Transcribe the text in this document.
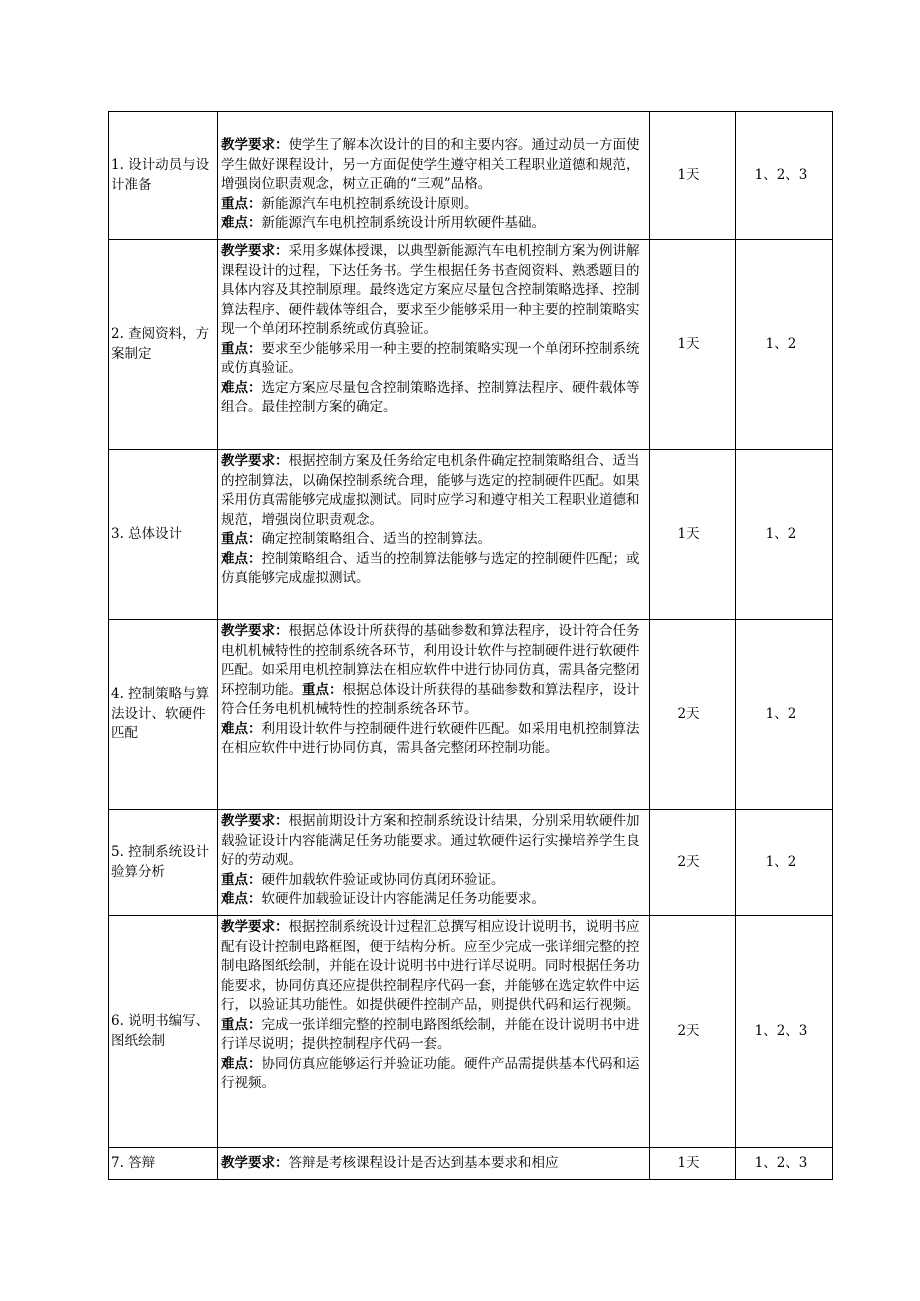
1. 设计动员与设计准备	教学要求：使学生了解本次设计的目的和主要内容。通过动员一方面使学生做好课程设计，另一方面促使学生遵守相关工程职业道德和规范，增强岗位职责观念，树立正确的“三观”品格。
重点：新能源汽车电机控制系统设计原则。
难点：新能源汽车电机控制系统设计所用软硬件基础。	1天	1、2、3

2. 查阅资料，方案制定	教学要求：采用多媒体授课，以典型新能源汽车电机控制方案为例讲解课程设计的过程，下达任务书。学生根据任务书查阅资料、熟悉题目的具体内容及其控制原理。最终选定方案应尽量包含控制策略选择、控制算法程序、硬件载体等组合，要求至少能够采用一种主要的控制策略实现一个单闭环控制系统或仿真验证。
重点：要求至少能够采用一种主要的控制策略实现一个单闭环控制系统或仿真验证。
难点：选定方案应尽量包含控制策略选择、控制算法程序、硬件载体等组合。最佳控制方案的确定。	1天	1、2

3. 总体设计	教学要求：根据控制方案及任务给定电机条件确定控制策略组合、适当的控制算法，以确保控制系统合理，能够与选定的控制硬件匹配。如果采用仿真需能够完成虚拟测试。同时应学习和遵守相关工程职业道德和规范，增强岗位职责观念。
重点：确定控制策略组合、适当的控制算法。
难点：控制策略组合、适当的控制算法能够与选定的控制硬件匹配；或仿真能够完成虚拟测试。	1天	1、2

4. 控制策略与算法设计、软硬件匹配	教学要求：根据总体设计所获得的基础参数和算法程序，设计符合任务电机机械特性的控制系统各环节，利用设计软件与控制硬件进行软硬件匹配。如采用电机控制算法在相应软件中进行协同仿真，需具备完整闭环控制功能。重点：根据总体设计所获得的基础参数和算法程序，设计符合任务电机机械特性的控制系统各环节。
难点：利用设计软件与控制硬件进行软硬件匹配。如采用电机控制算法在相应软件中进行协同仿真，需具备完整闭环控制功能。	2天	1、2

5. 控制系统设计验算分析	教学要求：根据前期设计方案和控制系统设计结果，分别采用软硬件加载验证设计内容能满足任务功能要求。通过软硬件运行实操培养学生良好的劳动观。
重点：硬件加载软件验证或协同仿真闭环验证。
难点：软硬件加载验证设计内容能满足任务功能要求。	2天	1、2

6. 说明书编写、图纸绘制	教学要求：根据控制系统设计过程汇总撰写相应设计说明书，说明书应配有设计控制电路框图，便于结构分析。应至少完成一张详细完整的控制电路图纸绘制，并能在设计说明书中进行详尽说明。同时根据任务功能要求，协同仿真还应提供控制程序代码一套，并能够在选定软件中运行，以验证其功能性。如提供硬件控制产品，则提供代码和运行视频。
重点：完成一张详细完整的控制电路图纸绘制，并能在设计说明书中进行详尽说明；提供控制程序代码一套。
难点：协同仿真应能够运行并验证功能。硬件产品需提供基本代码和运行视频。	2天	1、2、3

7. 答辩	教学要求：答辩是考核课程设计是否达到基本要求和相应	1天	1、2、3
